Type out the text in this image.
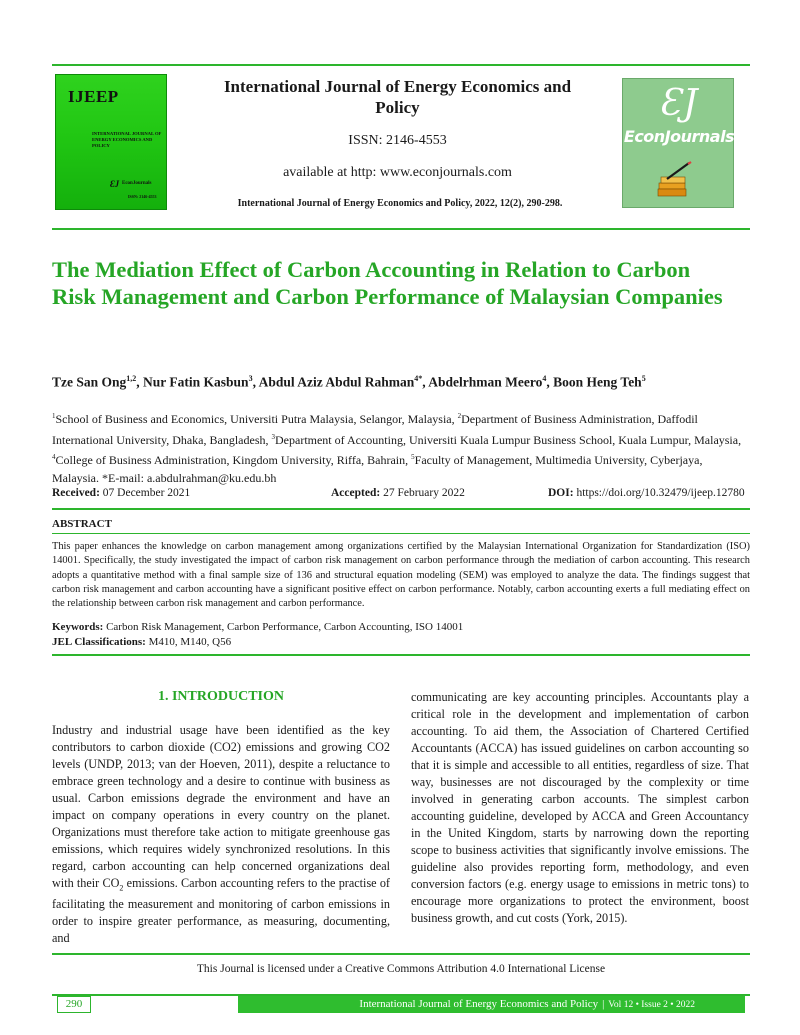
IJEEP
INTERNATIONAL JOURNAL OF ENERGY ECONOMICS AND POLICY
ƐJ EconJournals
ISSN: 2146-4553
International Journal of Energy Economics and Policy
ISSN: 2146-4553
available at http: www.econjournals.com
International Journal of Energy Economics and Policy, 2022, 12(2), 290-298.
ƐJ
EconJournals
The Mediation Effect of Carbon Accounting in Relation to Carbon Risk Management and Carbon Performance of Malaysian Companies
Tze San Ong$^{1,2}$, Nur Fatin Kasbun$^3$, Abdul Aziz Abdul Rahman$^{4*}$, Abdelrhman Meero$^4$, Boon Heng Teh$^5$
$^1$School of Business and Economics, Universiti Putra Malaysia, Selangor, Malaysia, $^2$Department of Business Administration, Daffodil International University, Dhaka, Bangladesh, $^3$Department of Accounting, Universiti Kuala Lumpur Business School, Kuala Lumpur, Malaysia, $^4$College of Business Administration, Kingdom University, Riffa, Bahrain, $^5$Faculty of Management, Multimedia University, Cyberjaya, Malaysia. *E-mail: a.abdulrahman@ku.edu.bh
Received: 07 December 2021	Accepted: 27 February 2022	DOI: https://doi.org/10.32479/ijeep.12780
ABSTRACT
This paper enhances the knowledge on carbon management among organizations certified by the Malaysian International Organization for Standardization (ISO) 14001. Specifically, the study investigated the impact of carbon risk management on carbon performance through the mediation of carbon accounting. This research adopts a quantitative method with a final sample size of 136 and structural equation modeling (SEM) was employed to analyze the data. The findings suggest that carbon risk management and carbon accounting have a significant positive effect on carbon performance. Notably, carbon accounting exerts a full mediating effect on the relationship between carbon risk management and carbon performance.
Keywords: Carbon Risk Management, Carbon Performance, Carbon Accounting, ISO 14001
JEL Classifications: M410, M140, Q56
1. INTRODUCTION
Industry and industrial usage have been identified as the key contributors to carbon dioxide (CO2) emissions and growing CO2 levels (UNDP, 2013; van der Hoeven, 2011), despite a reluctance to embrace green technology and a desire to continue with business as usual. Carbon emissions degrade the environment and have an impact on company operations in every country on the planet. Organizations must therefore take action to mitigate greenhouse gas emissions, which requires widely synchronized resolutions. In this regard, carbon accounting can help concerned organizations deal with their $CO_2$ emissions. Carbon accounting refers to the practise of facilitating the measurement and monitoring of carbon emissions in order to inspire greater performance, as measuring, documenting, and
communicating are key accounting principles. Accountants play a critical role in the development and implementation of carbon accounting. To aid them, the Association of Chartered Certified Accountants (ACCA) has issued guidelines on carbon accounting so that it is simple and accessible to all entities, regardless of size. That way, businesses are not discouraged by the complexity or time involved in generating carbon accounts. The simplest carbon accounting guideline, developed by ACCA and Green Accountancy in the United Kingdom, starts by narrowing down the reporting scope to business activities that significantly involve emissions. The guideline also provides reporting form, methodology, and even conversion factors (e.g. energy usage to emissions in metric tons) to encourage more organizations to protect the environment, boost business growth, and cut costs (York, 2015).
This Journal is licensed under a Creative Commons Attribution 4.0 International License
290	International Journal of Energy Economics and Policy | Vol 12 • Issue 2 • 2022
